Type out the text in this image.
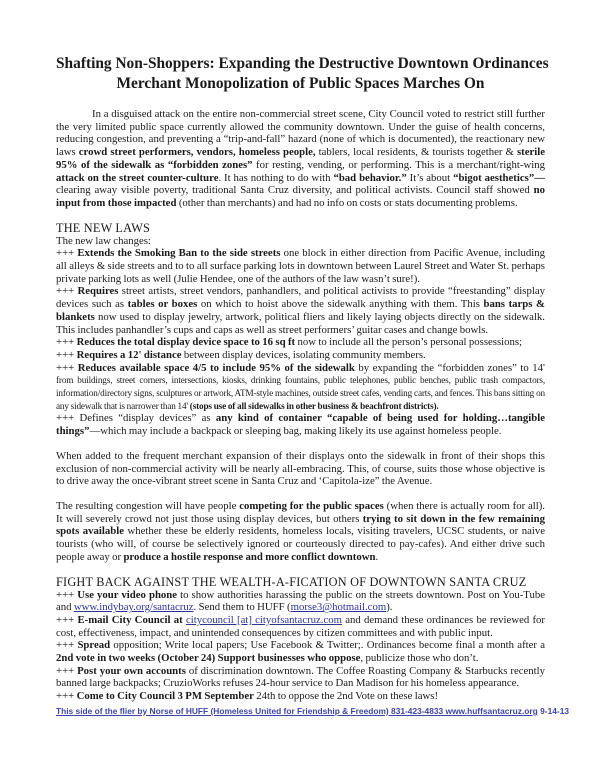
Shafting Non-Shoppers: Expanding the Destructive Downtown Ordinances
Merchant Monopolization of Public Spaces Marches On

In a disguised attack on the entire non-commercial street scene, City Council voted to restrict still further the very limited public space currently allowed the community downtown. Under the guise of health concerns, reducing congestion, and preventing a “trip-and-fall” hazard (none of which is documented), the reactionary new laws crowd street performers, vendors, homeless people, tablers, local residents, & tourists together & sterile 95% of the sidewalk as “forbidden zones” for resting, vending, or performing. This is a merchant/right-wing attack on the street counter-culture. It has nothing to do with “bad behavior.” It’s about “bigot aesthetics”—clearing away visible poverty, traditional Santa Cruz diversity, and political activists. Council staff showed no input from those impacted (other than merchants) and had no info on costs or stats documenting problems.

THE NEW LAWS

The new law changes:

+++ Extends the Smoking Ban to the side streets one block in either direction from Pacific Avenue, including all alleys & side streets and to to all surface parking lots in downtown between Laurel Street and Water St. perhaps private parking lots as well (Julie Hendee, one of the authors of the law wasn’t sure!).

+++ Requires street artists, street vendors, panhandlers, and political activists to provide “freestanding” display devices such as tables or boxes on which to hoist above the sidewalk anything with them. This bans tarps & blankets now used to display jewelry, artwork, political fliers and likely laying objects directly on the sidewalk. This includes panhandler’s cups and caps as well as street performers’ guitar cases and change bowls.

+++ Reduces the total display device space to 16 sq ft now to include all the person’s personal possessions;

+++ Requires a 12' distance between display devices, isolating community members.

+++ Reduces available space 4/5 to include 95% of the sidewalk by expanding the “forbidden zones” to 14' from buildings, street corners, intersections, kiosks, drinking fountains, public telephones, public benches, public trash compactors, information/directory signs, sculptures or artwork, ATM-style machines, outside street cafes, vending carts, and fences. This bans sitting on any sidewalk that is narrower than 14' (stops use of all sidewalks in other business & beachfront districts).

+++ Defines “display devices” as any kind of container “capable of being used for holding…tangible things”—which may include a backpack or sleeping bag, making likely its use against homeless people.

When added to the frequent merchant expansion of their displays onto the sidewalk in front of their shops this exclusion of non-commercial activity will be nearly all-embracing. This, of course, suits those whose objective is to drive away the once-vibrant street scene in Santa Cruz and ‘Capitola-ize” the Avenue.

The resulting congestion will have people competing for the public spaces (when there is actually room for all). It will severely crowd not just those using display devices, but others trying to sit down in the few remaining spots available whether these be elderly residents, homeless locals, visiting travelers, UCSC students, or naive tourists (who will, of course be selectively ignored or courteously directed to pay-cafes). And either drive such people away or produce a hostile response and more conflict downtown.

FIGHT BACK AGAINST THE WEALTH-A-FICATION OF DOWNTOWN SANTA CRUZ

+++ Use your video phone to show authorities harassing the public on the streets downtown. Post on You-Tube and www.indybay.org/santacruz. Send them to HUFF (morse3@hotmail.com).

+++ E-mail City Council at citycouncil [at] cityofsantacruz.com and demand these ordinances be reviewed for cost, effectiveness, impact, and unintended consequences by citizen committees and with public input.

+++ Spread opposition; Write local papers; Use Facebook & Twitter;. Ordinances become final a month after a 2nd vote in two weeks (October 24) Support businesses who oppose, publicize those who don’t.

+++ Post your own accounts of discrimination downtown. The Coffee Roasting Company & Starbucks recently banned large backpacks; CruzioWorks refuses 24-hour service to Dan Madison for his homeless appearance.

+++ Come to City Council 3 PM September 24th to oppose the 2nd Vote on these laws!

This side of the flier by Norse of HUFF (Homeless United for Friendship & Freedom) 831-423-4833 www.huffsantacruz.org 9-14-13
